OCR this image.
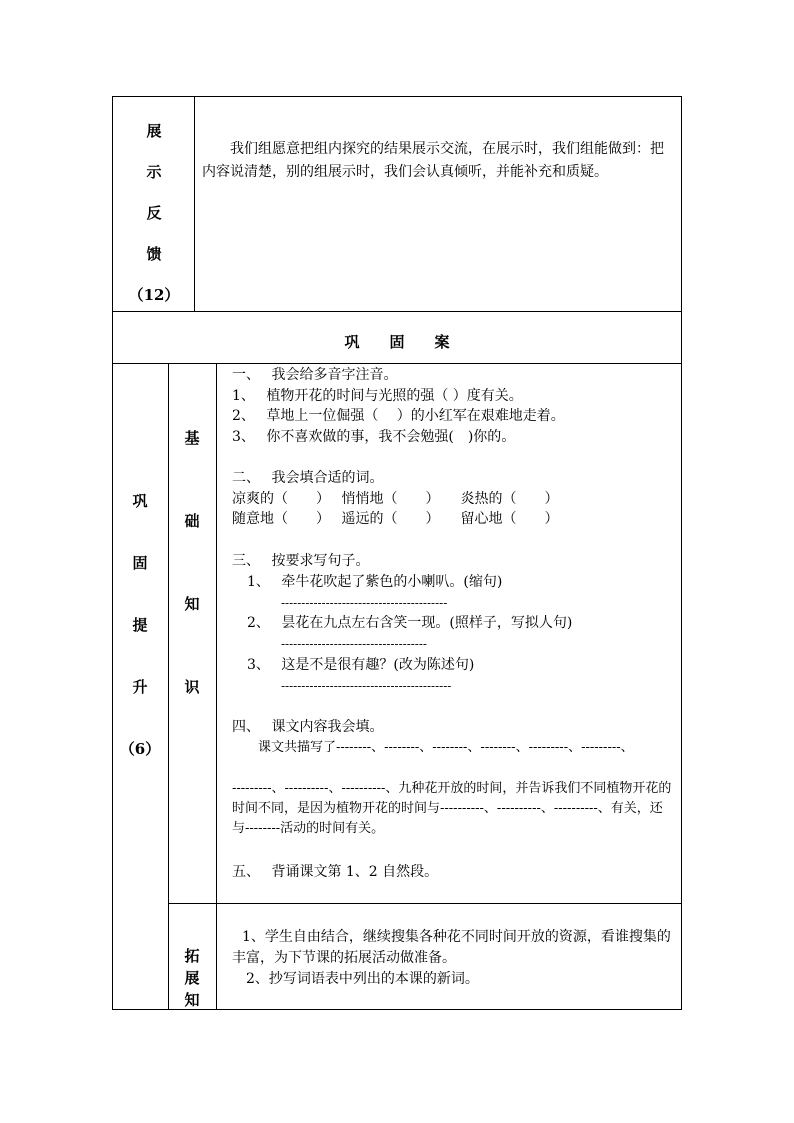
展
示
反
馈
（12）
我们组愿意把组内探究的结果展示交流，在展示时，我们组能做到：把内容说清楚，别的组展示时，我们会认真倾听，并能补充和质疑。
巩　　固　　案
巩
固
提
升
（6）
基
础
知
识
一、　 我会给多音字注音。
1、　 植物开花的时间与光照的强（ ）度有关。
2、　 草地上一位倔强（　 ）的小红军在艰难地走着。
3、　 你不喜欢做的事，我不会勉强(　)你的。
二、　 我会填合适的词。
凉爽的（　　）　 悄悄地（　　）　　炎热的（　　）
随意地（　　）　 遥远的（　　）　　留心地（　　）
三、　 按要求写句子。
1、　 牵牛花吹起了紫色的小喇叭。(缩句)
-----------------------------------------
2、　 昙花在九点左右含笑一现。(照样子，写拟人句)
------------------------------------
3、　 这是不是很有趣？(改为陈述句)
------------------------------------------
四、　 课文内容我会填。
　　课文共描写了--------、--------、--------、--------、---------、---------、
---------、----------、----------、九种花开放的时间，并告诉我们不同植物开花的时间不同，是因为植物开花的时间与----------、----------、----------、有关，还与--------活动的时间有关。
五、　 背诵课文第 1、2 自然段。
拓
展
知
1、学生自由结合，继续搜集各种花不同时间开放的资源，看谁搜集的丰富，为下节课的拓展活动做准备。
2、抄写词语表中列出的本课的新词。
